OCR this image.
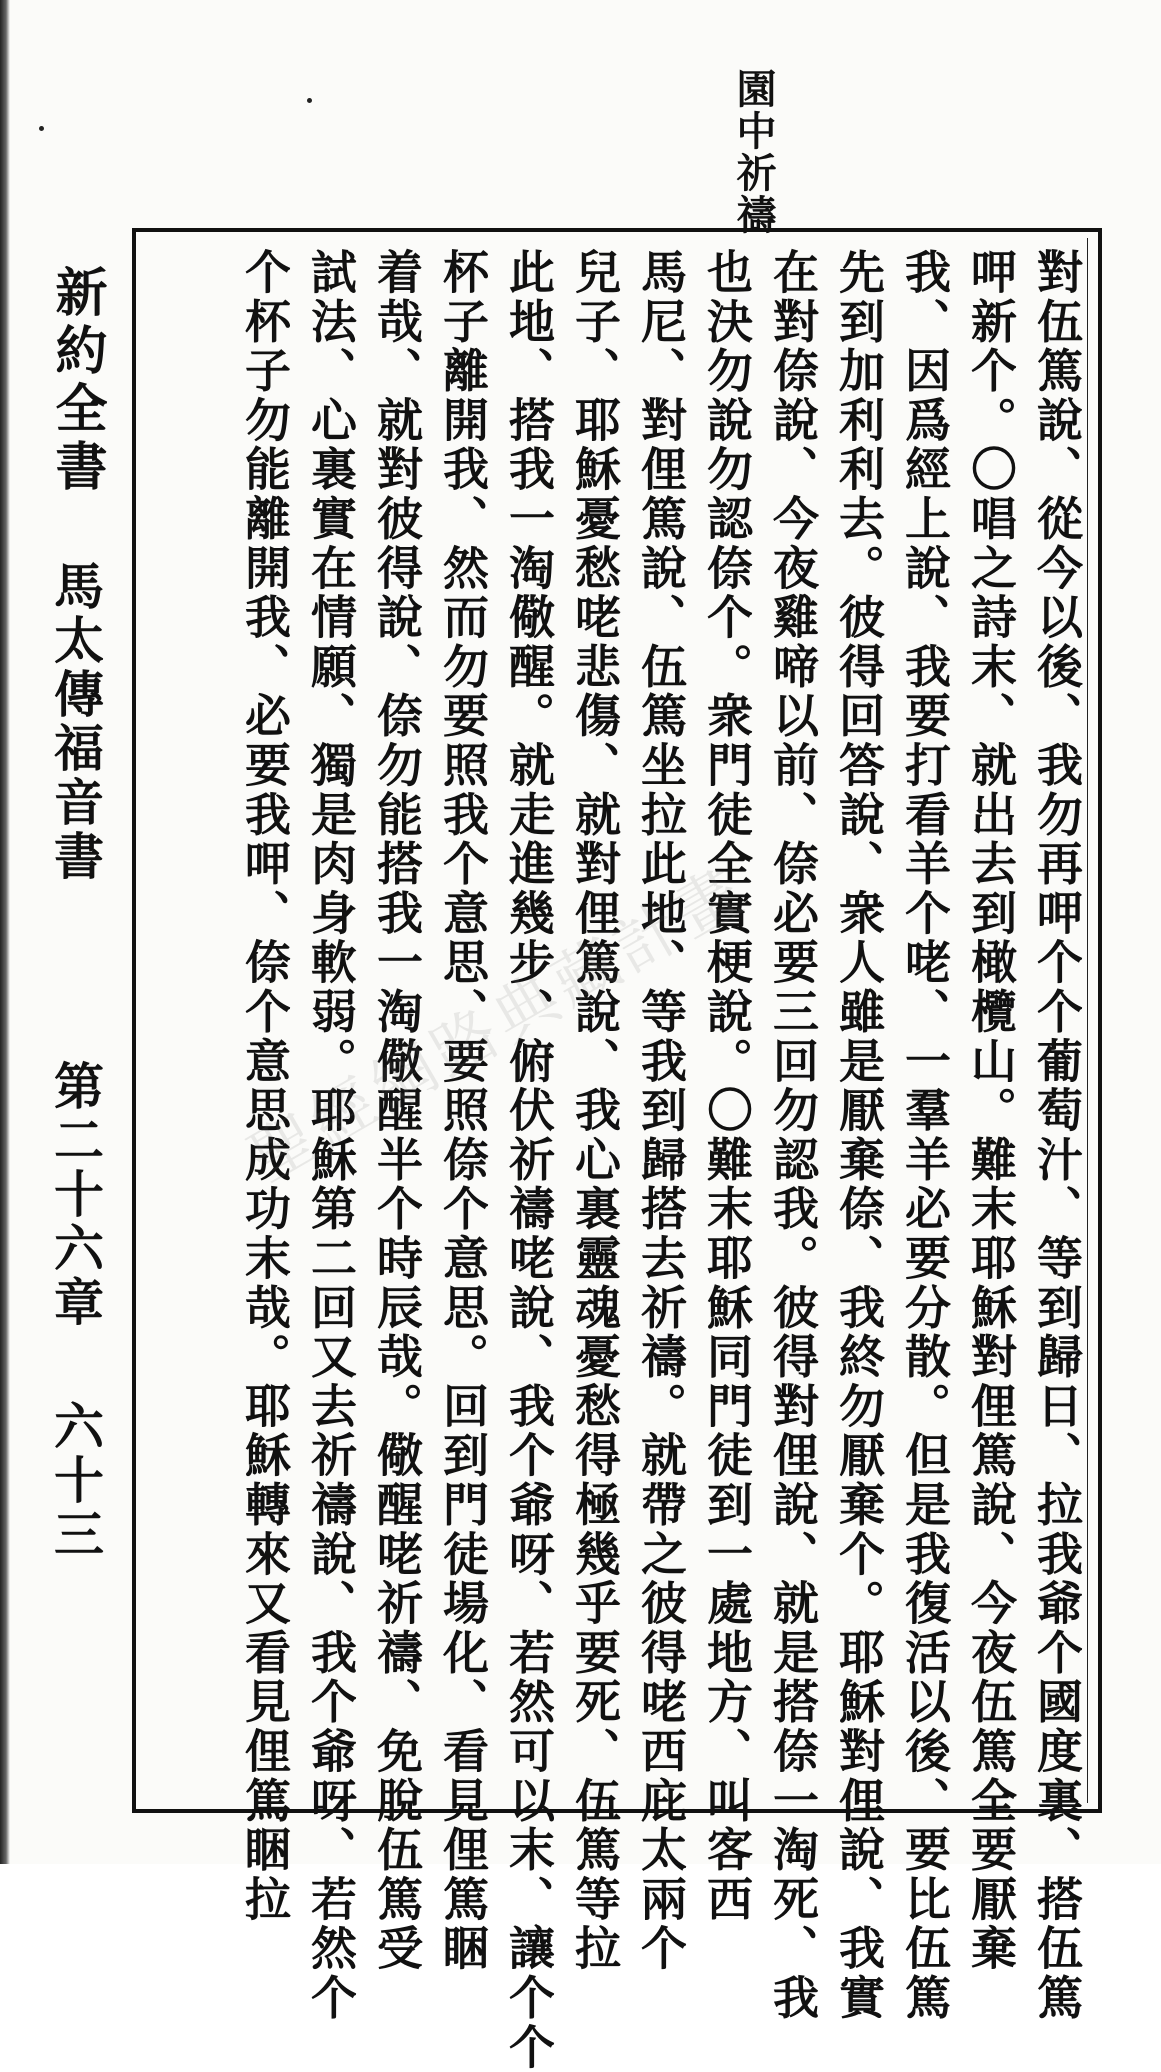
園中祈禱
對伍篤說、從今以後、我勿再呷个个葡萄汁、等到歸日、拉我爺个國度裏、搭伍篤
呷新个。〇唱之詩末、就出去到橄欖山。難末耶穌對俚篤說、今夜伍篤全要厭棄
我、因爲經上說、我要打看羊个咾、一羣羊必要分散。但是我復活以後、要比伍篤
先到加利利去。彼得回答說、衆人雖是厭棄倷、我終勿厭棄个。耶穌對俚說、我實
在對倷說、今夜雞啼以前、倷必要三回勿認我。彼得對俚說、就是搭倷一淘死、我
也決勿說勿認倷个。衆門徒全實梗說。〇難末耶穌同門徒到一處地方、叫客西
馬尼、對俚篤說、伍篤坐拉此地、等我到歸搭去祈禱。就帶之彼得咾西庇太兩个
兒子、耶穌憂愁咾悲傷、就對俚篤說、我心裏靈魂憂愁得極幾乎要死、伍篤等拉
此地、搭我一淘儆醒。就走進幾步、俯伏祈禱咾說、我个爺呀、若然可以末、讓个个
杯子離開我、然而勿要照我个意思、要照倷个意思。回到門徒場化、看見俚篤睏
着哉、就對彼得說、倷勿能搭我一淘儆醒半个時辰哉。儆醒咾祈禱、免脫伍篤受
試法、心裏實在情願、獨是肉身軟弱。耶穌第二回又去祈禱說、我个爺呀、若然个
个杯子勿能離開我、必要我呷、倷个意思成功末哉。耶穌轉來又看見俚篤睏拉
新約全書
馬太傳福音書
第二十六章
六十三
聖經網路典藏計畫
